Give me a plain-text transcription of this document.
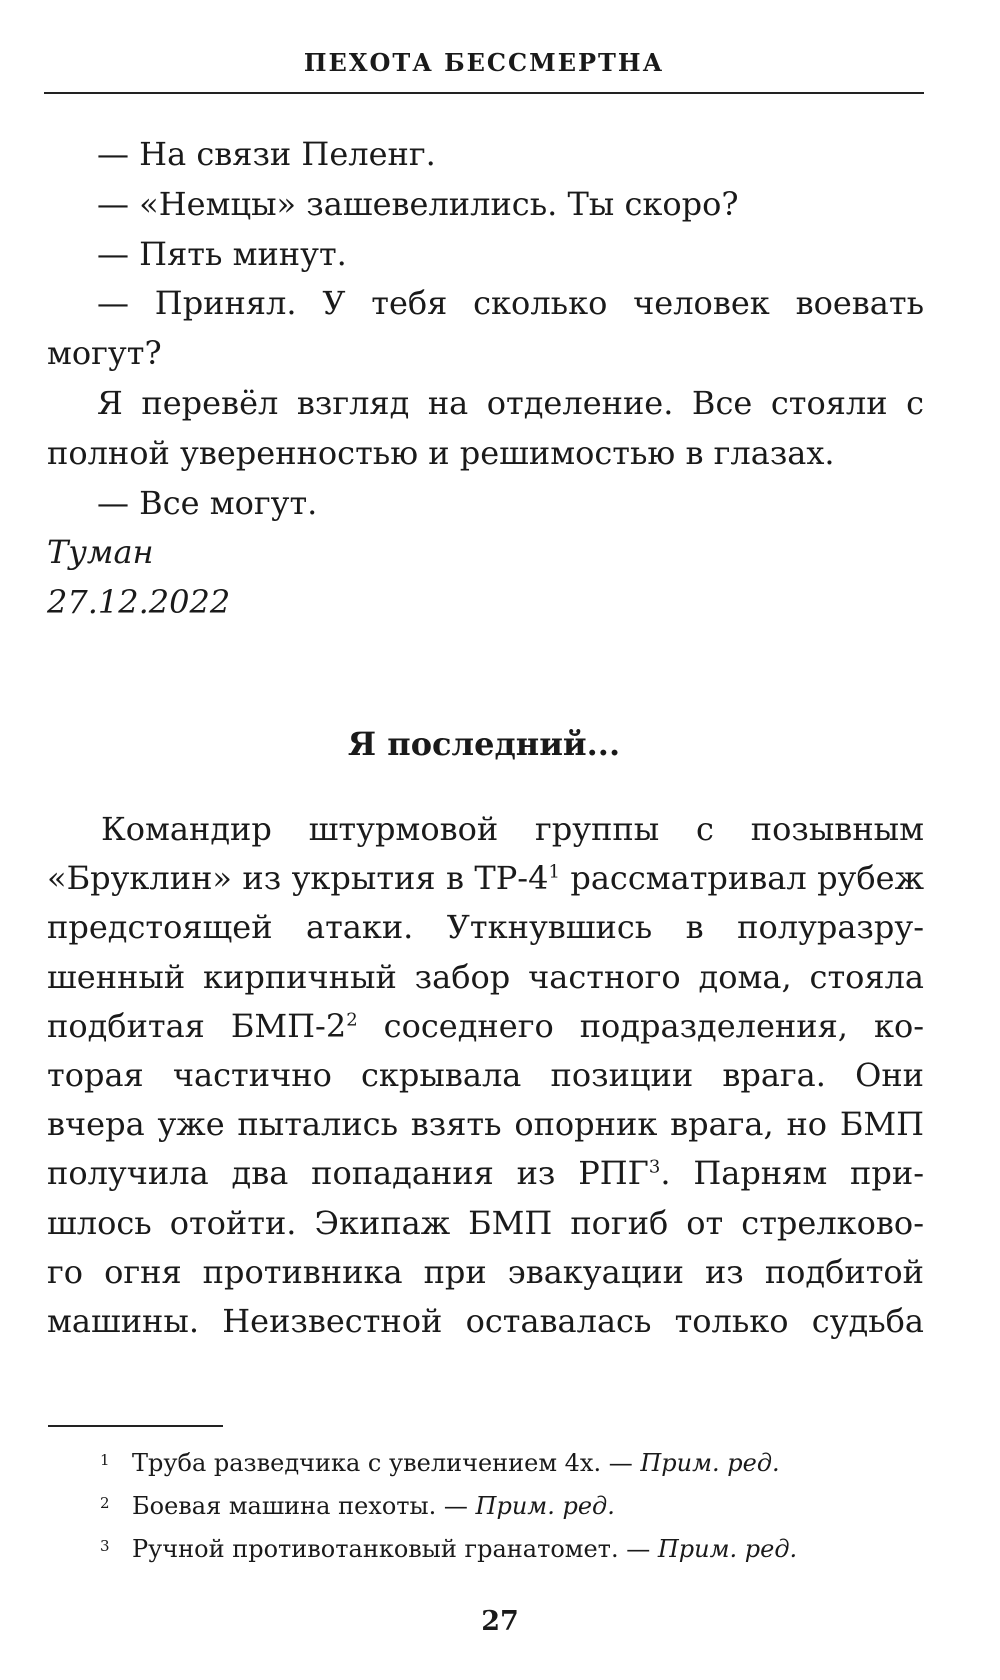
ПЕХОТА БЕССМЕРТНА

— На связи Пеленг.

— «Немцы» зашевелились. Ты скоро?

— Пять минут.

— Принял. У тебя сколько человек воевать могут?

Я перевёл взгляд на отделение. Все стояли с полной уверенностью и решимостью в глазах.

— Все могут.

Туман

27.12.2022

Я последний...
Командир штурмовой группы с позывным
«Бруклин» из укрытия в $ТР-4^1$ рассматривал рубеж
предстоящей атаки. Уткнувшись в полуразру-
шенный кирпичный забор частного дома, стояла
подбитая БМП-$2^2$ соседнего подразделения, ко-
торая частично скрывала позиции врага. Они
вчера уже пытались взять опорник врага, но БМП
получила два попадания из РПГ$^3$. Парням при-
шлось отойти. Экипаж БМП погиб от стрелково-
го огня противника при эвакуации из подбитой
машины. Неизвестной оставалась только судьба
1 Труба разведчика с увеличением 4х. — Прим. ред.
2 Боевая машина пехоты. — Прим. ред.
3 Ручной противотанковый гранатомет. — Прим. ред.
27
